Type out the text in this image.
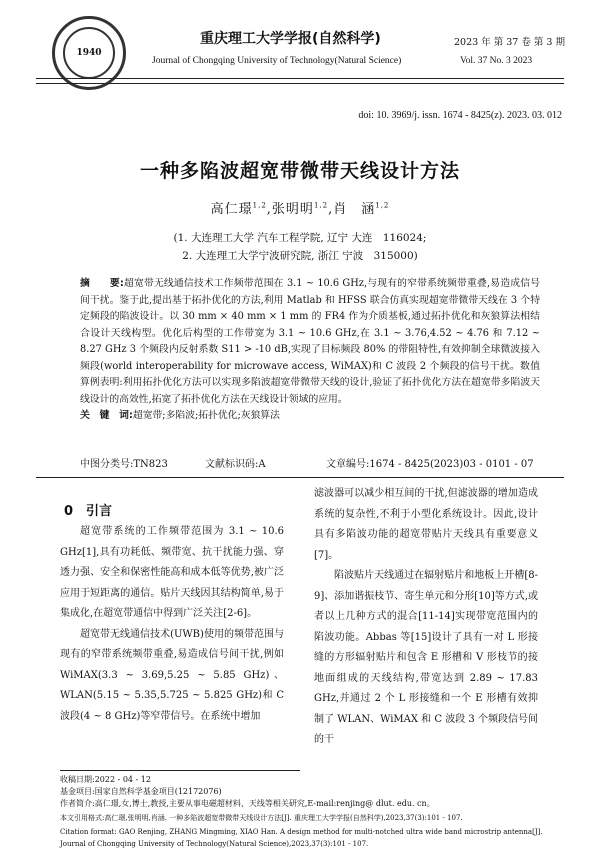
1940
重庆理工大学学报(自然科学)
Journal of Chongqing University of Technology(Natural Science)
2023 年 第 37 卷 第 3 期
Vol. 37 No. 3 2023
doi: 10. 3969/j. issn. 1674 - 8425(z). 2023. 03. 012
一种多陷波超宽带微带天线设计方法
高仁璟$^{1,2}$,张明明$^{1,2}$,肖　涵$^{1,2}$
(1. 大连理工大学 汽车工程学院, 辽宁 大连　116024;
2. 大连理工大学宁波研究院, 浙江 宁波　315000)
摘　　要:超宽带无线通信技术工作频带范围在 3.1 ~ 10.6 GHz,与现有的窄带系统频带重叠,易造成信号间干扰。鉴于此,提出基于拓扑优化的方法,利用 Matlab 和 HFSS 联合仿真实现超宽带微带天线在 3 个特定频段的陷波设计。以 30 mm × 40 mm × 1 mm 的 FR4 作为介质基板,通过拓扑优化和灰狼算法相结合设计天线构型。优化后构型的工作带宽为 3.1 ~ 10.6 GHz,在 3.1 ~ 3.76,4.52 ~ 4.76 和 7.12 ~ 8.27 GHz 3 个频段内反射系数 S11 > -10 dB,实现了目标频段 80% 的带阻特性,有效抑制全球微波接入频段(world interoperability for microwave access, WiMAX)和 C 波段 2 个频段的信号干扰。数值算例表明:利用拓扑优化方法可以实现多陷波超宽带微带天线的设计,验证了拓扑优化方法在超宽带多陷波天线设计的高效性,拓宽了拓扑优化方法在天线设计领域的应用。
关　键　词:超宽带;多陷波;拓扑优化;灰狼算法
中图分类号:TN823	文献标识码:A	文章编号:1674 - 8425(2023)03 - 0101 - 07
0　引言

超宽带系统的工作频带范围为 3.1 ~ 10.6 GHz[1],具有功耗低、频带宽、抗干扰能力强、穿透力强、安全和保密性能高和成本低等优势,被广泛应用于短距离的通信。贴片天线因其结构简单,易于集成化,在超宽带通信中得到广泛关注[2-6]。

超宽带无线通信技术(UWB)使用的频带范围与现有的窄带系统频带重叠,易造成信号间干扰,例如 WiMAX(3.3 ~ 3.69,5.25 ~ 5.85 GHz)、WLAN(5.15 ~ 5.35,5.725 ~ 5.825 GHz)和 C 波段(4 ~ 8 GHz)等窄带信号。在系统中增加

滤波器可以减少相互间的干扰,但滤波器的增加造成系统的复杂性,不利于小型化系统设计。因此,设计具有多陷波功能的超宽带贴片天线具有重要意义[7]。

陷波贴片天线通过在辐射贴片和地板上开槽[8-9]、添加谐振枝节、寄生单元和分形[10]等方式,或者以上几种方式的混合[11-14]实现带宽范围内的陷波功能。Abbas 等[15]设计了具有一对 L 形接缝的方形辐射贴片和包含 E 形槽和 V 形枝节的接地面组成的天线结构,带宽达到 2.89 ~ 17.83 GHz,并通过 2 个 L 形接缝和一个 E 形槽有效抑制了 WLAN、WiMAX 和 C 波段 3 个频段信号间的干

收稿日期:2022 - 04 - 12
基金项目:国家自然科学基金项目(12172076)
作者简介:高仁璟,女,博士,教授,主要从事电磁超材料、天线等相关研究,E-mail:renjing@ dlut. edu. cn。
本文引用格式:高仁璟,张明明,肖涵. 一种多陷波超宽带微带天线设计方法[J]. 重庆理工大学学报(自然科学),2023,37(3):101 - 107.
Citation format: GAO Renjing, ZHANG Mingming, XIAO Han. A design method for multi-notched ultra wide band microstrip antenna[J]. Journal of Chongqing University of Technology(Natural Science),2023,37(3):101 - 107.
